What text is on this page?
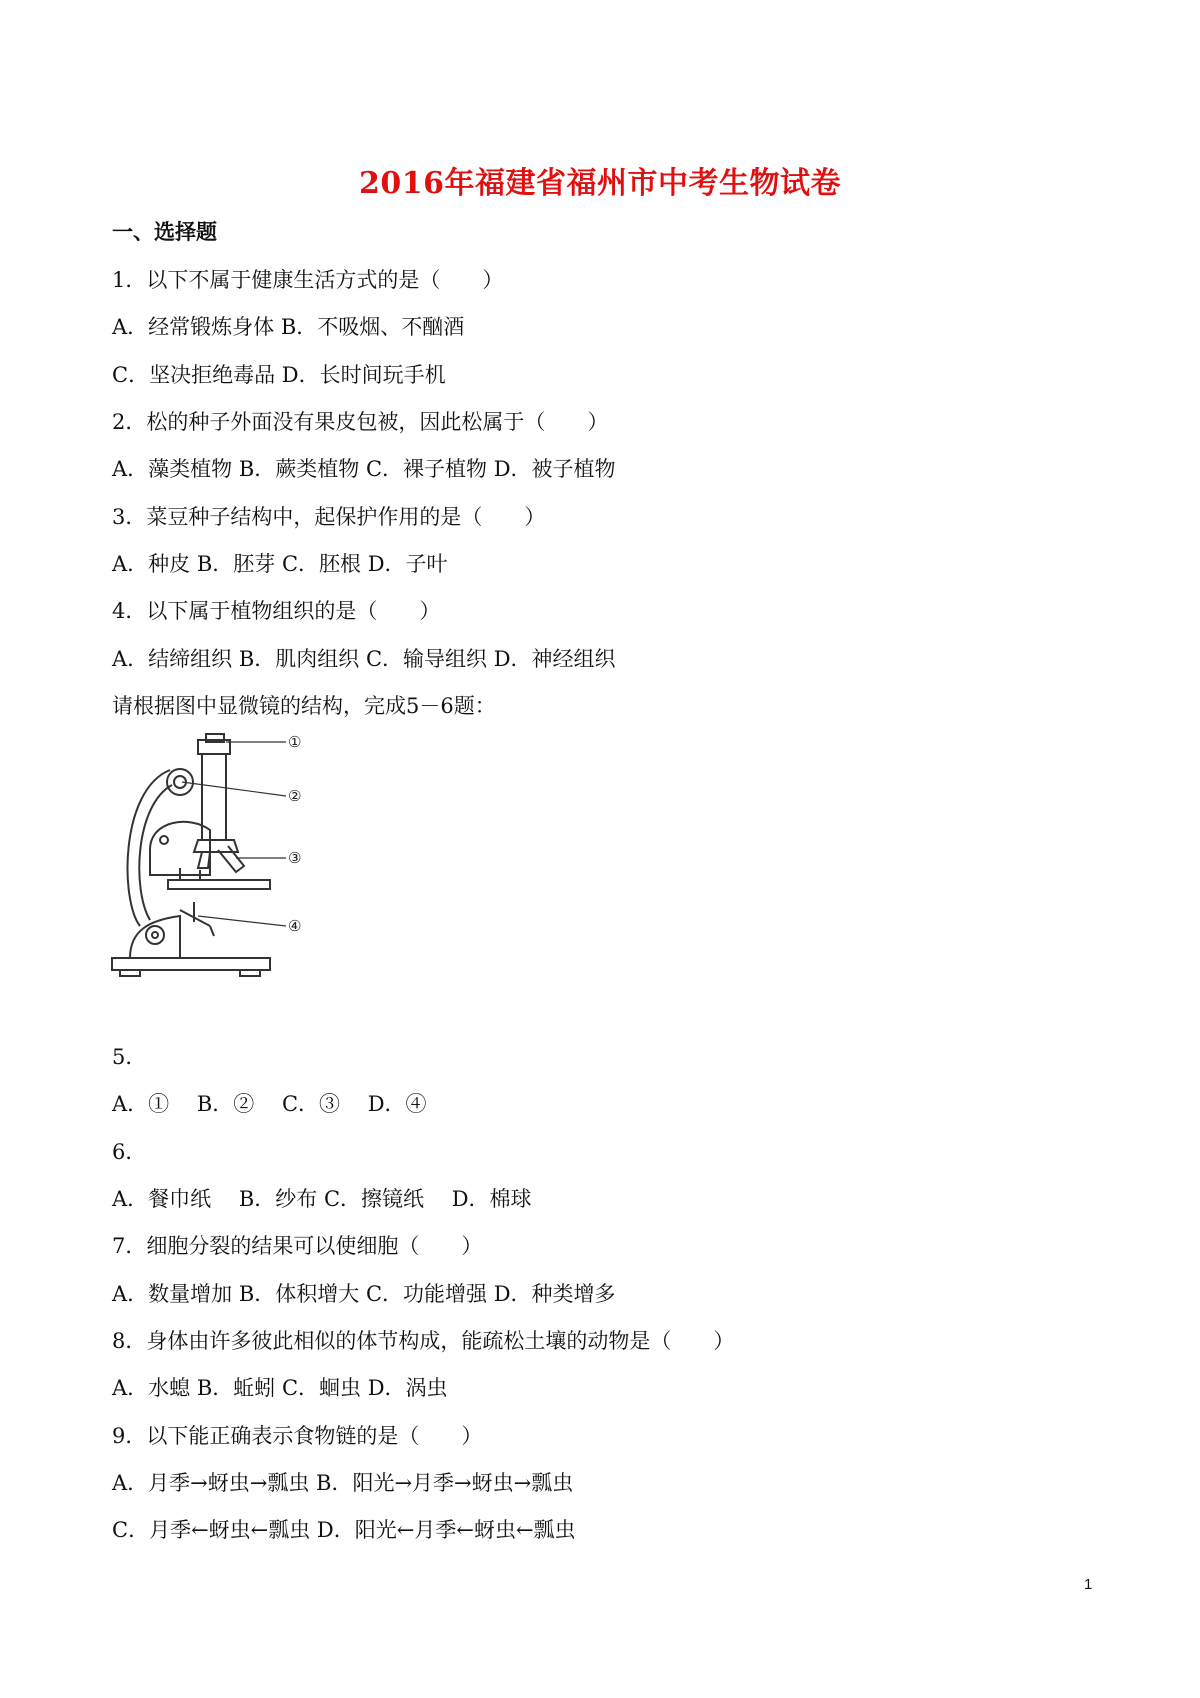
2016年福建省福州市中考生物试卷
一、选择题
1．以下不属于健康生活方式的是（　　）
A．经常锻炼身体 B．不吸烟、不酗酒
C．坚决拒绝毒品 D．长时间玩手机
2．松的种子外面没有果皮包被，因此松属于（　　）
A．藻类植物 B．蕨类植物 C．裸子植物 D．被子植物
3．菜豆种子结构中，起保护作用的是（　　）
A．种皮 B．胚芽 C．胚根 D．子叶
4．以下属于植物组织的是（　　）
A．结缔组织 B．肌肉组织 C．输导组织 D．神经组织
请根据图中显微镜的结构，完成5－6题：
①
②
③
④
5．
A．①　 B．②　 C．③　 D．④
6．
A．餐巾纸　 B．纱布 C．擦镜纸　 D．棉球
7．细胞分裂的结果可以使细胞（　　）
A．数量增加 B．体积增大 C．功能增强 D．种类增多
8．身体由许多彼此相似的体节构成，能疏松土壤的动物是（　　）
A．水螅 B．蚯蚓 C．蛔虫 D．涡虫
9．以下能正确表示食物链的是（　　）
A．月季→蚜虫→瓢虫 B．阳光→月季→蚜虫→瓢虫
C．月季←蚜虫←瓢虫 D．阳光←月季←蚜虫←瓢虫
1
